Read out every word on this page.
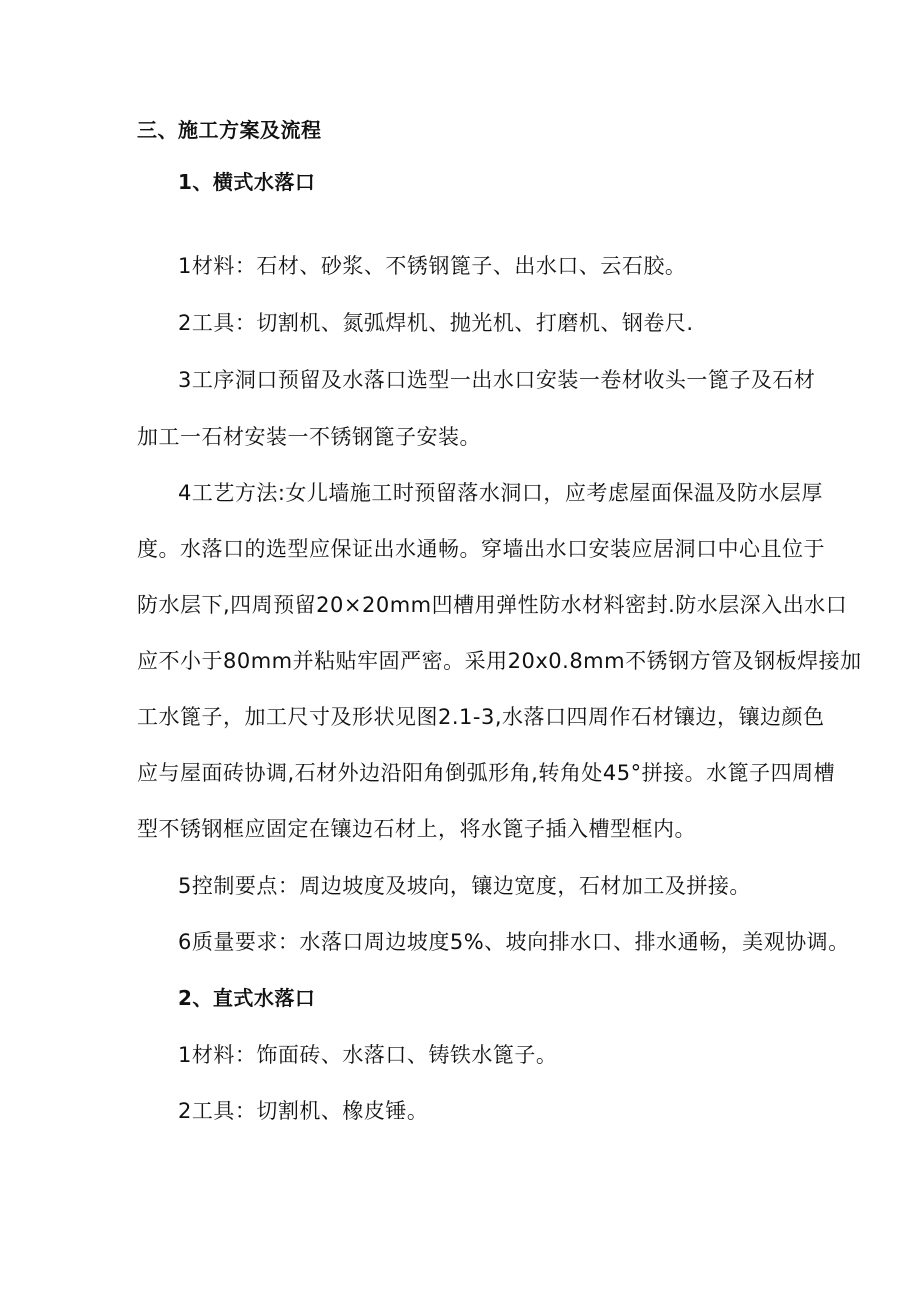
三、施工方案及流程
1、横式水落口
1材料：石材、砂浆、不锈钢篦子、出水口、云石胶。
2工具：切割机、氮弧焊机、抛光机、打磨机、钢卷尺.
3工序洞口预留及水落口选型一出水口安装一卷材收头一篦子及石材
加工一石材安装一不锈钢篦子安装。
4工艺方法:女儿墙施工时预留落水洞口，应考虑屋面保温及防水层厚
度。水落口的选型应保证出水通畅。穿墙出水口安装应居洞口中心且位于
防水层下,四周预留20×20mm凹槽用弹性防水材料密封.防水层深入出水口
应不小于80mm并粘贴牢固严密。采用20x0.8mm不锈钢方管及钢板焊接加
工水篦子，加工尺寸及形状见图2.1-3,水落口四周作石材镶边，镶边颜色
应与屋面砖协调,石材外边沿阳角倒弧形角,转角处45°拼接。水篦子四周槽
型不锈钢框应固定在镶边石材上，将水篦子插入槽型框内。
5控制要点：周边坡度及坡向，镶边宽度，石材加工及拼接。
6质量要求：水落口周边坡度5%、坡向排水口、排水通畅，美观协调。
2、直式水落口
1材料：饰面砖、水落口、铸铁水篦子。
2工具：切割机、橡皮锤。
